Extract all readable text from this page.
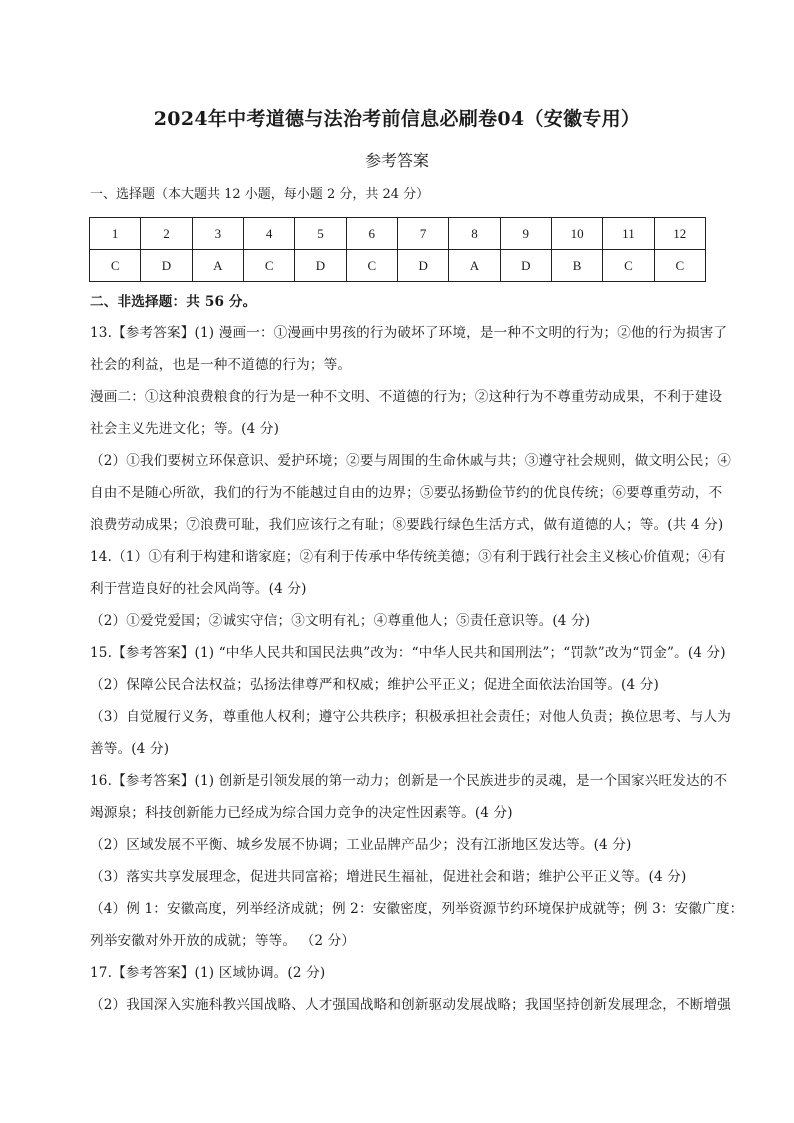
2024年中考道德与法治考前信息必刷卷04（安徽专用）
参考答案
一、选择题（本大题共 12 小题，每小题 2 分，共 24 分）
1	2	3	4	5	6	7	8	9	10	11	12
C	D	A	C	D	C	D	A	D	B	C	C
二、非选择题：共 56 分。
13.【参考答案】(1) 漫画一：①漫画中男孩的行为破坏了环境，是一种不文明的行为；②他的行为损害了
社会的利益，也是一种不道德的行为；等。
漫画二：①这种浪费粮食的行为是一种不文明、不道德的行为；②这种行为不尊重劳动成果，不利于建设
社会主义先进文化；等。(4 分)
（2）①我们要树立环保意识、爱护环境；②要与周围的生命休戚与共；③遵守社会规则，做文明公民；④
自由不是随心所欲，我们的行为不能越过自由的边界；⑤要弘扬勤俭节约的优良传统；⑥要尊重劳动，不
浪费劳动成果；⑦浪费可耻，我们应该行之有耻；⑧要践行绿色生活方式，做有道德的人；等。(共 4 分)
14.（1）①有利于构建和谐家庭；②有利于传承中华传统美德；③有利于践行社会主义核心价值观；④有
利于营造良好的社会风尚等。(4 分)
（2）①爱党爱国；②诚实守信；③文明有礼；④尊重他人；⑤责任意识等。(4 分)
15.【参考答案】(1) “中华人民共和国民法典”改为：“中华人民共和国刑法”；“罚款”改为“罚金”。(4 分)
（2）保障公民合法权益；弘扬法律尊严和权威；维护公平正义；促进全面依法治国等。(4 分)
（3）自觉履行义务，尊重他人权利；遵守公共秩序；积极承担社会责任；对他人负责；换位思考、与人为
善等。(4 分)
16.【参考答案】(1) 创新是引领发展的第一动力；创新是一个民族进步的灵魂，是一个国家兴旺发达的不
竭源泉；科技创新能力已经成为综合国力竞争的决定性因素等。(4 分)
（2）区域发展不平衡、城乡发展不协调；工业品牌产品少；没有江浙地区发达等。(4 分)
（3）落实共享发展理念，促进共同富裕；增进民生福祉，促进社会和谐；维护公平正义等。(4 分)
（4）例 1：安徽高度，列举经济成就；例 2：安徽密度，列举资源节约环境保护成就等；例 3：安徽广度：
列举安徽对外开放的成就；等等。 （2 分）
17.【参考答案】(1) 区域协调。(2 分)
（2）我国深入实施科教兴国战略、人才强国战略和创新驱动发展战略；我国坚持创新发展理念，不断增强
